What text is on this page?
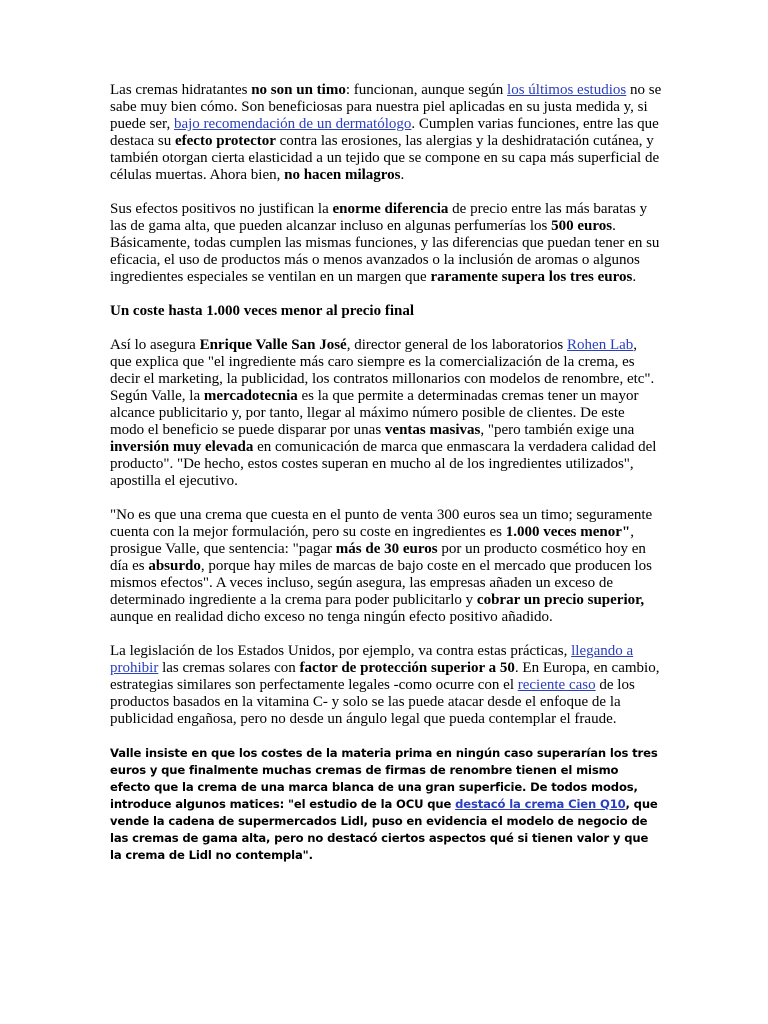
Las cremas hidratantes no son un timo: funcionan, aunque según los últimos estudios no se sabe muy bien cómo. Son beneficiosas para nuestra piel aplicadas en su justa medida y, si puede ser, bajo recomendación de un dermatólogo. Cumplen varias funciones, entre las que destaca su efecto protector contra las erosiones, las alergias y la deshidratación cutánea, y también otorgan cierta elasticidad a un tejido que se compone en su capa más superficial de células muertas. Ahora bien, no hacen milagros.

Sus efectos positivos no justifican la enorme diferencia de precio entre las más baratas y las de gama alta, que pueden alcanzar incluso en algunas perfumerías los 500 euros. Básicamente, todas cumplen las mismas funciones, y las diferencias que puedan tener en su eficacia, el uso de productos más o menos avanzados o la inclusión de aromas o algunos ingredientes especiales se ventilan en un margen que raramente supera los tres euros.

Un coste hasta 1.000 veces menor al precio final

Así lo asegura Enrique Valle San José, director general de los laboratorios Rohen Lab, que explica que "el ingrediente más caro siempre es la comercialización de la crema, es decir el marketing, la publicidad, los contratos millonarios con modelos de renombre, etc". Según Valle, la mercadotecnia es la que permite a determinadas cremas tener un mayor alcance publicitario y, por tanto, llegar al máximo número posible de clientes. De este modo el beneficio se puede disparar por unas ventas masivas, "pero también exige una inversión muy elevada en comunicación de marca que enmascara la verdadera calidad del producto". "De hecho, estos costes superan en mucho al de los ingredientes utilizados", apostilla el ejecutivo.

"No es que una crema que cuesta en el punto de venta 300 euros sea un timo; seguramente cuenta con la mejor formulación, pero su coste en ingredientes es 1.000 veces menor", prosigue Valle, que sentencia: "pagar más de 30 euros por un producto cosmético hoy en día es absurdo, porque hay miles de marcas de bajo coste en el mercado que producen los mismos efectos". A veces incluso, según asegura, las empresas añaden un exceso de determinado ingrediente a la crema para poder publicitarlo y cobrar un precio superior, aunque en realidad dicho exceso no tenga ningún efecto positivo añadido.

La legislación de los Estados Unidos, por ejemplo, va contra estas prácticas, llegando a prohibir las cremas solares con factor de protección superior a 50. En Europa, en cambio, estrategias similares son perfectamente legales -como ocurre con el reciente caso de los productos basados en la vitamina C- y solo se las puede atacar desde el enfoque de la publicidad engañosa, pero no desde un ángulo legal que pueda contemplar el fraude.

Valle insiste en que los costes de la materia prima en ningún caso superarían los tres euros y que finalmente muchas cremas de firmas de renombre tienen el mismo efecto que la crema de una marca blanca de una gran superficie. De todos modos, introduce algunos matices: "el estudio de la OCU que destacó la crema Cien Q10, que vende la cadena de supermercados Lidl, puso en evidencia el modelo de negocio de las cremas de gama alta, pero no destacó ciertos aspectos qué si tienen valor y que la crema de Lidl no contempla".
